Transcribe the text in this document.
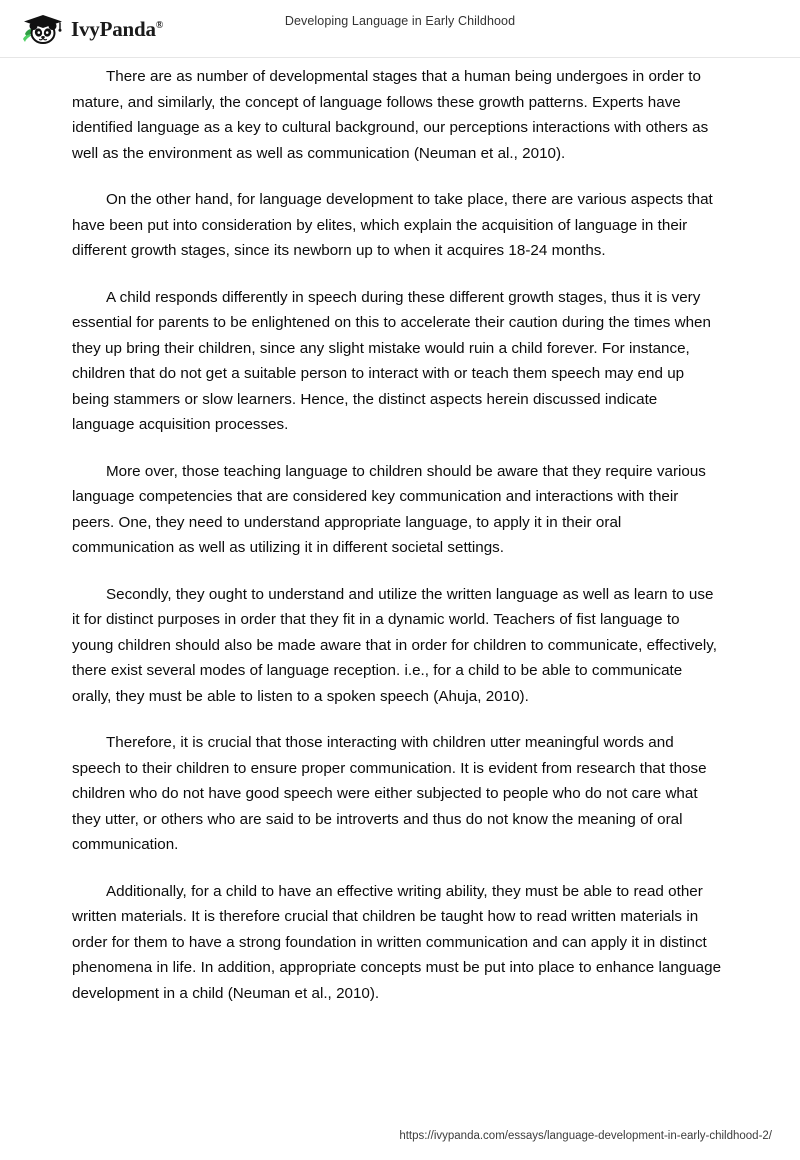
IvyPanda®	Developing Language in Early Childhood

There are as number of developmental stages that a human being undergoes in order to mature, and similarly, the concept of language follows these growth patterns. Experts have identified language as a key to cultural background, our perceptions interactions with others as well as the environment as well as communication (Neuman et al., 2010).

On the other hand, for language development to take place, there are various aspects that have been put into consideration by elites, which explain the acquisition of language in their different growth stages, since its newborn up to when it acquires 18-24 months.

A child responds differently in speech during these different growth stages, thus it is very essential for parents to be enlightened on this to accelerate their caution during the times when they up bring their children, since any slight mistake would ruin a child forever. For instance, children that do not get a suitable person to interact with or teach them speech may end up being stammers or slow learners. Hence, the distinct aspects herein discussed indicate language acquisition processes.

More over, those teaching language to children should be aware that they require various language competencies that are considered key communication and interactions with their peers. One, they need to understand appropriate language, to apply it in their oral communication as well as utilizing it in different societal settings.

Secondly, they ought to understand and utilize the written language as well as learn to use it for distinct purposes in order that they fit in a dynamic world. Teachers of fist language to young children should also be made aware that in order for children to communicate, effectively, there exist several modes of language reception. i.e., for a child to be able to communicate orally, they must be able to listen to a spoken speech (Ahuja, 2010).

Therefore, it is crucial that those interacting with children utter meaningful words and speech to their children to ensure proper communication. It is evident from research that those children who do not have good speech were either subjected to people who do not care what they utter, or others who are said to be introverts and thus do not know the meaning of oral communication.

Additionally, for a child to have an effective writing ability, they must be able to read other written materials. It is therefore crucial that children be taught how to read written materials in order for them to have a strong foundation in written communication and can apply it in distinct phenomena in life. In addition, appropriate concepts must be put into place to enhance language development in a child (Neuman et al., 2010).

https://ivypanda.com/essays/language-development-in-early-childhood-2/
